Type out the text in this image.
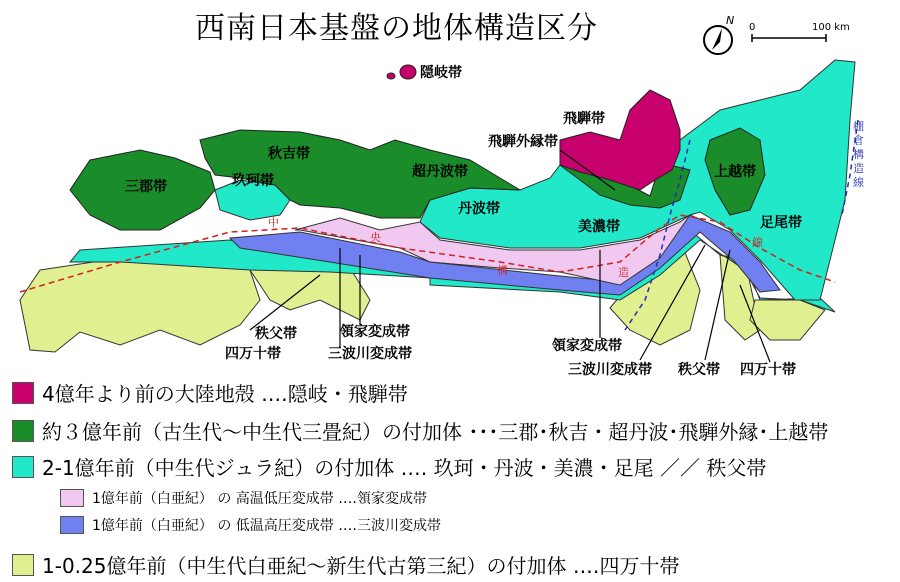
西南日本基盤の地体構造区分	N
0	100 km
隠岐帯
飛騨帯
飛騨外縁帯
秋吉帯
三郡帯	玖珂帯
超丹波帯
丹波帯
美濃帯
上越帯
足尾帯
秩父帯
四万十帯
領家変成帯
三波川変成帯	領家変成帯
三波川変成帯 秩父帯 四万十帯
中
央
構	造
線
棚
倉
構
造
線
4億年より前の大陸地殻 ‥‥隠岐・飛騨帯
約３億年前（古生代〜中生代三畳紀）の付加体 ･･･三郡･秋吉・超丹波･飛騨外縁･上越帯
2-1億年前（中生代ジュラ紀）の付加体 ‥‥ 玖珂・丹波・美濃・足尾 ／／ 秩父帯
1億年前（白亜紀） の 高温低圧変成帯 ‥‥領家変成帯
1億年前（白亜紀） の 低温高圧変成帯 ‥‥三波川変成帯
1-0.25億年前（中生代白亜紀〜新生代古第三紀）の付加体 ‥‥四万十帯
